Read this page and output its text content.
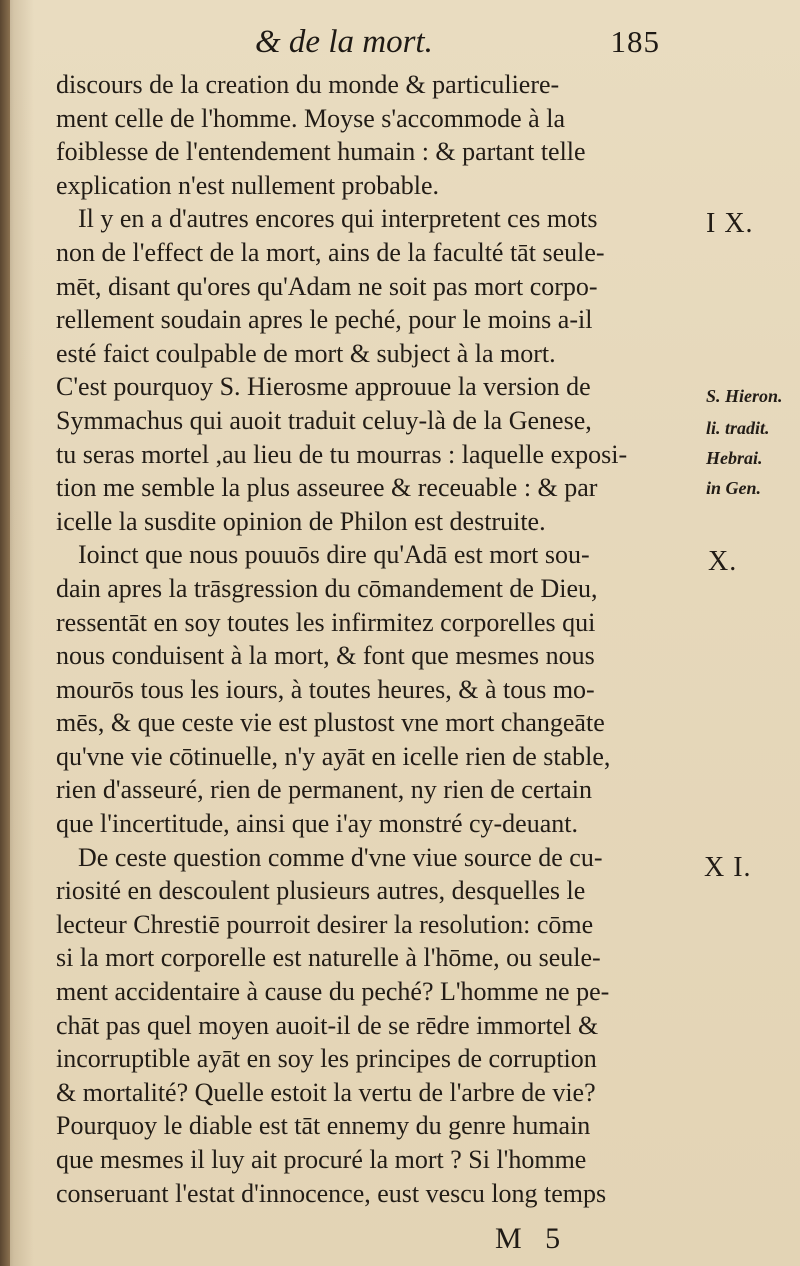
& de la mort.	185
discours de la creation du monde & particuliere-
ment celle de l'homme. Moyse s'accommode à la
foiblesse de l'entendement humain : & partant telle
explication n'est nullement probable.
Il y en a d'autres encores qui interpretent ces mots
non de l'effect de la mort, ains de la faculté tāt seule-
mēt, disant qu'ores qu'Adam ne soit pas mort corpo-
rellement soudain apres le peché, pour le moins a-il
esté faict coulpable de mort & subject à la mort.
C'est pourquoy S. Hierosme approuue la version de
Symmachus qui auoit traduit celuy-là de la Genese,
tu seras mortel ,au lieu de tu mourras : laquelle exposi-
tion me semble la plus asseuree & receuable : & par
icelle la susdite opinion de Philon est destruite.
Ioinct que nous pouuōs dire qu'Adā est mort sou-
dain apres la trāsgression du cōmandement de Dieu,
ressentāt en soy toutes les infirmitez corporelles qui
nous conduisent à la mort, & font que mesmes nous
mourōs tous les iours, à toutes heures, & à tous mo-
mēs, & que ceste vie est plustost vne mort changeāte
qu'vne vie cōtinuelle, n'y ayāt en icelle rien de stable,
rien d'asseuré, rien de permanent, ny rien de certain
que l'incertitude, ainsi que i'ay monstré cy-deuant.
De ceste question comme d'vne viue source de cu-
riosité en descoulent plusieurs autres, desquelles le
lecteur Chrestiē pourroit desirer la resolution: cōme
si la mort corporelle est naturelle à l'hōme, ou seule-
ment accidentaire à cause du peché? L'homme ne pe-
chāt pas quel moyen auoit-il de se rēdre immortel &
incorruptible ayāt en soy les principes de corruption
& mortalité? Quelle estoit la vertu de l'arbre de vie?
Pourquoy le diable est tāt ennemy du genre humain
que mesmes il luy ait procuré la mort ? Si l'homme
conseruant l'estat d'innocence, eust vescu long temps
I X.
S. Hieron.
li. tradit.
Hebrai.
in Gen.
X.
X I.
M 5
